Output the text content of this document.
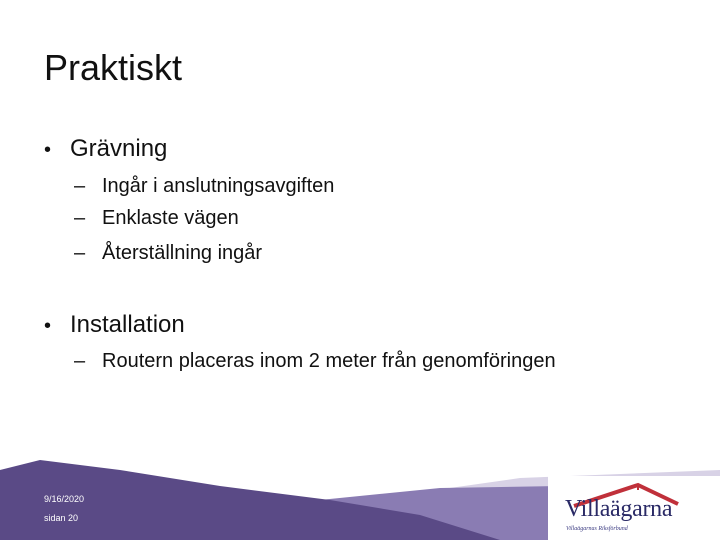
Praktiskt
• Grävning
– Ingår i anslutningsavgiften
– Enklaste vägen
– Återställning ingår
• Installation
– Routern placeras inom 2 meter från genomföringen
9/16/2020
sidan 20	Villaägarna
Villaägarnas Riksförbund
